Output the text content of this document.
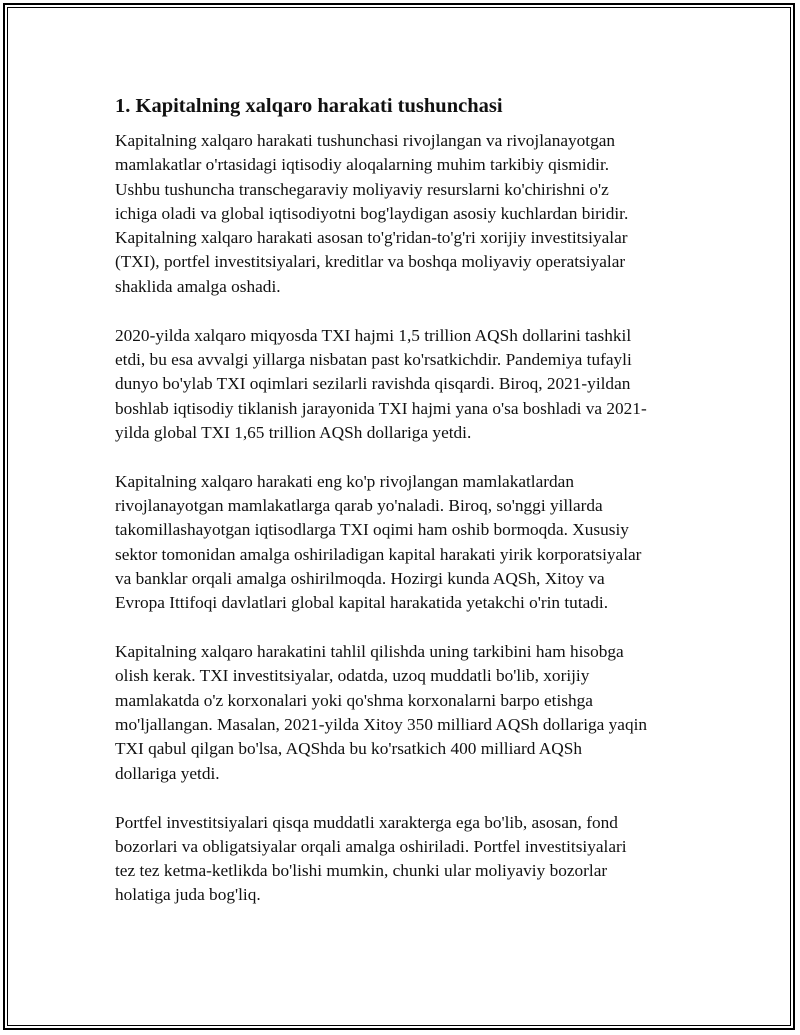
1. Kapitalning xalqaro harakati tushunchasi

Kapitalning xalqaro harakati tushunchasi rivojlangan va rivojlanayotgan
mamlakatlar o'rtasidagi iqtisodiy aloqalarning muhim tarkibiy qismidir.
Ushbu tushuncha transchegaraviy moliyaviy resurslarni ko'chirishni o'z
ichiga oladi va global iqtisodiyotni bog'laydigan asosiy kuchlardan biridir.
Kapitalning xalqaro harakati asosan to'g'ridan-to'g'ri xorijiy investitsiyalar
(TXI), portfel investitsiyalari, kreditlar va boshqa moliyaviy operatsiyalar
shaklida amalga oshadi.

2020-yilda xalqaro miqyosda TXI hajmi 1,5 trillion AQSh dollarini tashkil
etdi, bu esa avvalgi yillarga nisbatan past ko'rsatkichdir. Pandemiya tufayli
dunyo bo'ylab TXI oqimlari sezilarli ravishda qisqardi. Biroq, 2021-yildan
boshlab iqtisodiy tiklanish jarayonida TXI hajmi yana o'sa boshladi va 2021-
yilda global TXI 1,65 trillion AQSh dollariga yetdi.

Kapitalning xalqaro harakati eng ko'p rivojlangan mamlakatlardan
rivojlanayotgan mamlakatlarga qarab yo'naladi. Biroq, so'nggi yillarda
takomillashayotgan iqtisodlarga TXI oqimi ham oshib bormoqda. Xususiy
sektor tomonidan amalga oshiriladigan kapital harakati yirik korporatsiyalar
va banklar orqali amalga oshirilmoqda. Hozirgi kunda AQSh, Xitoy va
Evropa Ittifoqi davlatlari global kapital harakatida yetakchi o'rin tutadi.

Kapitalning xalqaro harakatini tahlil qilishda uning tarkibini ham hisobga
olish kerak. TXI investitsiyalar, odatda, uzoq muddatli bo'lib, xorijiy
mamlakatda o'z korxonalari yoki qo'shma korxonalarni barpo etishga
mo'ljallangan. Masalan, 2021-yilda Xitoy 350 milliard AQSh dollariga yaqin
TXI qabul qilgan bo'lsa, AQShda bu ko'rsatkich 400 milliard AQSh
dollariga yetdi.

Portfel investitsiyalari qisqa muddatli xarakterga ega bo'lib, asosan, fond
bozorlari va obligatsiyalar orqali amalga oshiriladi. Portfel investitsiyalari
tez tez ketma-ketlikda bo'lishi mumkin, chunki ular moliyaviy bozorlar
holatiga juda bog'liq.
